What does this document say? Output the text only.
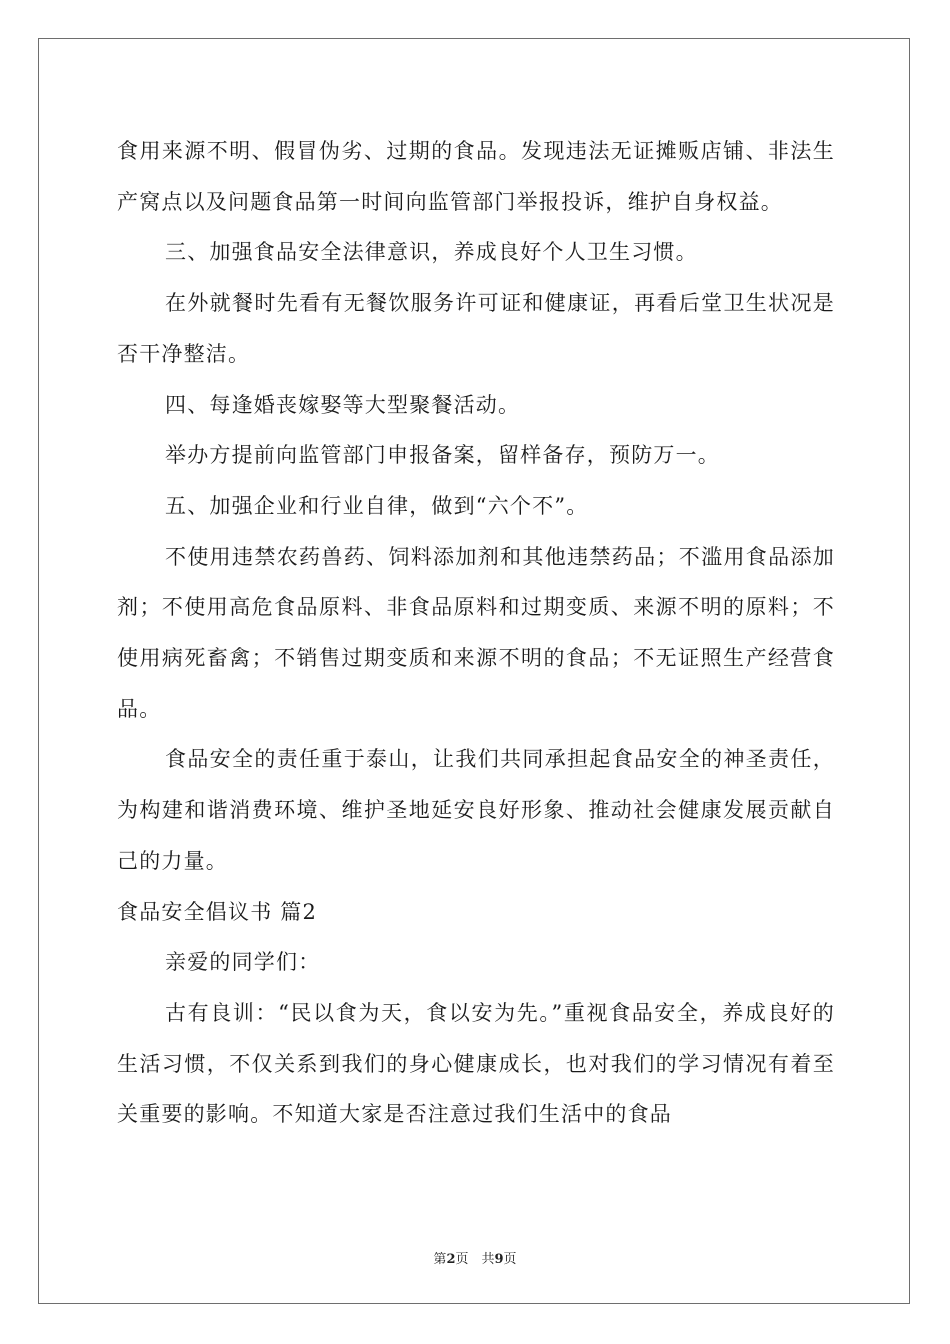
食用来源不明、假冒伪劣、过期的食品。发现违法无证摊贩店铺、非法生产窝点以及问题食品第一时间向监管部门举报投诉，维护自身权益。

三、加强食品安全法律意识，养成良好个人卫生习惯。

在外就餐时先看有无餐饮服务许可证和健康证，再看后堂卫生状况是否干净整洁。

四、每逢婚丧嫁娶等大型聚餐活动。

举办方提前向监管部门申报备案，留样备存，预防万一。

五、加强企业和行业自律，做到“六个不”。

不使用违禁农药兽药、饲料添加剂和其他违禁药品；不滥用食品添加剂；不使用高危食品原料、非食品原料和过期变质、来源不明的原料；不使用病死畜禽；不销售过期变质和来源不明的食品；不无证照生产经营食品。

食品安全的责任重于泰山，让我们共同承担起食品安全的神圣责任，为构建和谐消费环境、维护圣地延安良好形象、推动社会健康发展贡献自己的力量。

食品安全倡议书 篇2

亲爱的同学们：

古有良训：“民以食为天，食以安为先。”重视食品安全，养成良好的生活习惯，不仅关系到我们的身心健康成长，也对我们的学习情况有着至关重要的影响。不知道大家是否注意过我们生活中的食品

第2页　共9页
